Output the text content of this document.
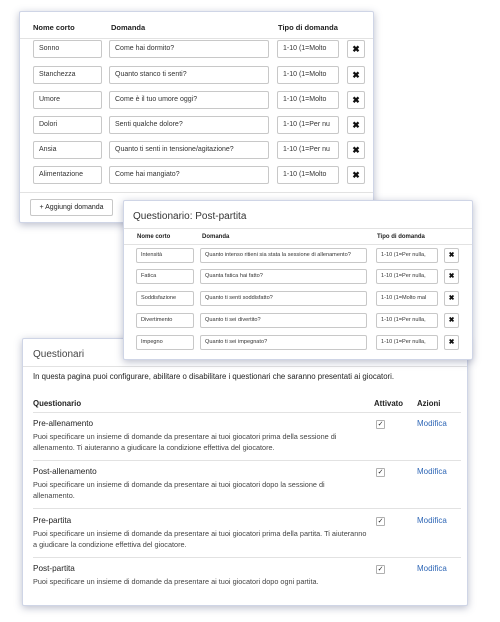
Questionari
In questa pagina puoi configurare, abilitare o disabilitare i questionari che saranno presentati ai giocatori.
Questionario	Attivato Azioni
Pre-allenamento
Puoi specificare un insieme di domande da presentare ai tuoi giocatori prima della sessione di allenamento. Ti aiuteranno a giudicare la condizione effettiva del giocatore.
✓	Modifica
Post-allenamento
Puoi specificare un insieme di domande da presentare ai tuoi giocatori dopo la sessione di allenamento.
✓	Modifica
Pre-partita
Puoi specificare un insieme di domande da presentare ai tuoi giocatori prima della partita. Ti aiuteranno a giudicare la condizione effettiva del giocatore.
✓	Modifica
Post-partita
Puoi specificare un insieme di domande da presentare ai tuoi giocatori dopo ogni partita.
✓	Modifica
Nome corto	Domanda	Tipo di domanda
Sonno	Come hai dormito?	1-10 (1=Molto	✖
Stanchezza	Quanto stanco ti senti?	1-10 (1=Molto	✖
Umore	Come è il tuo umore oggi?	1-10 (1=Molto	✖
Dolori	Senti qualche dolore?	1-10 (1=Per nu	✖
Ansia	Quanto ti senti in tensione/agitazione?	1-10 (1=Per nu	✖
Alimentazione	Come hai mangiato?	1-10 (1=Molto	✖
+ Aggiungi domanda
Questionario: Post-partita
Nome corto	Domanda	Tipo di domanda
Intensità	Quanto intenso ritieni sia stata la sessione di allenamento?	1-10 (1=Per nulla,	✖
Fatica	Quanta fatica hai fatto?	1-10 (1=Per nulla,	✖
Soddisfazione	Quanto ti senti soddisfatto?	1-10 (1=Molto mal	✖
Divertimento	Quanto ti sei divertito?	1-10 (1=Per nulla,	✖
Impegno	Quanto ti sei impegnato?	1-10 (1=Per nulla,	✖
